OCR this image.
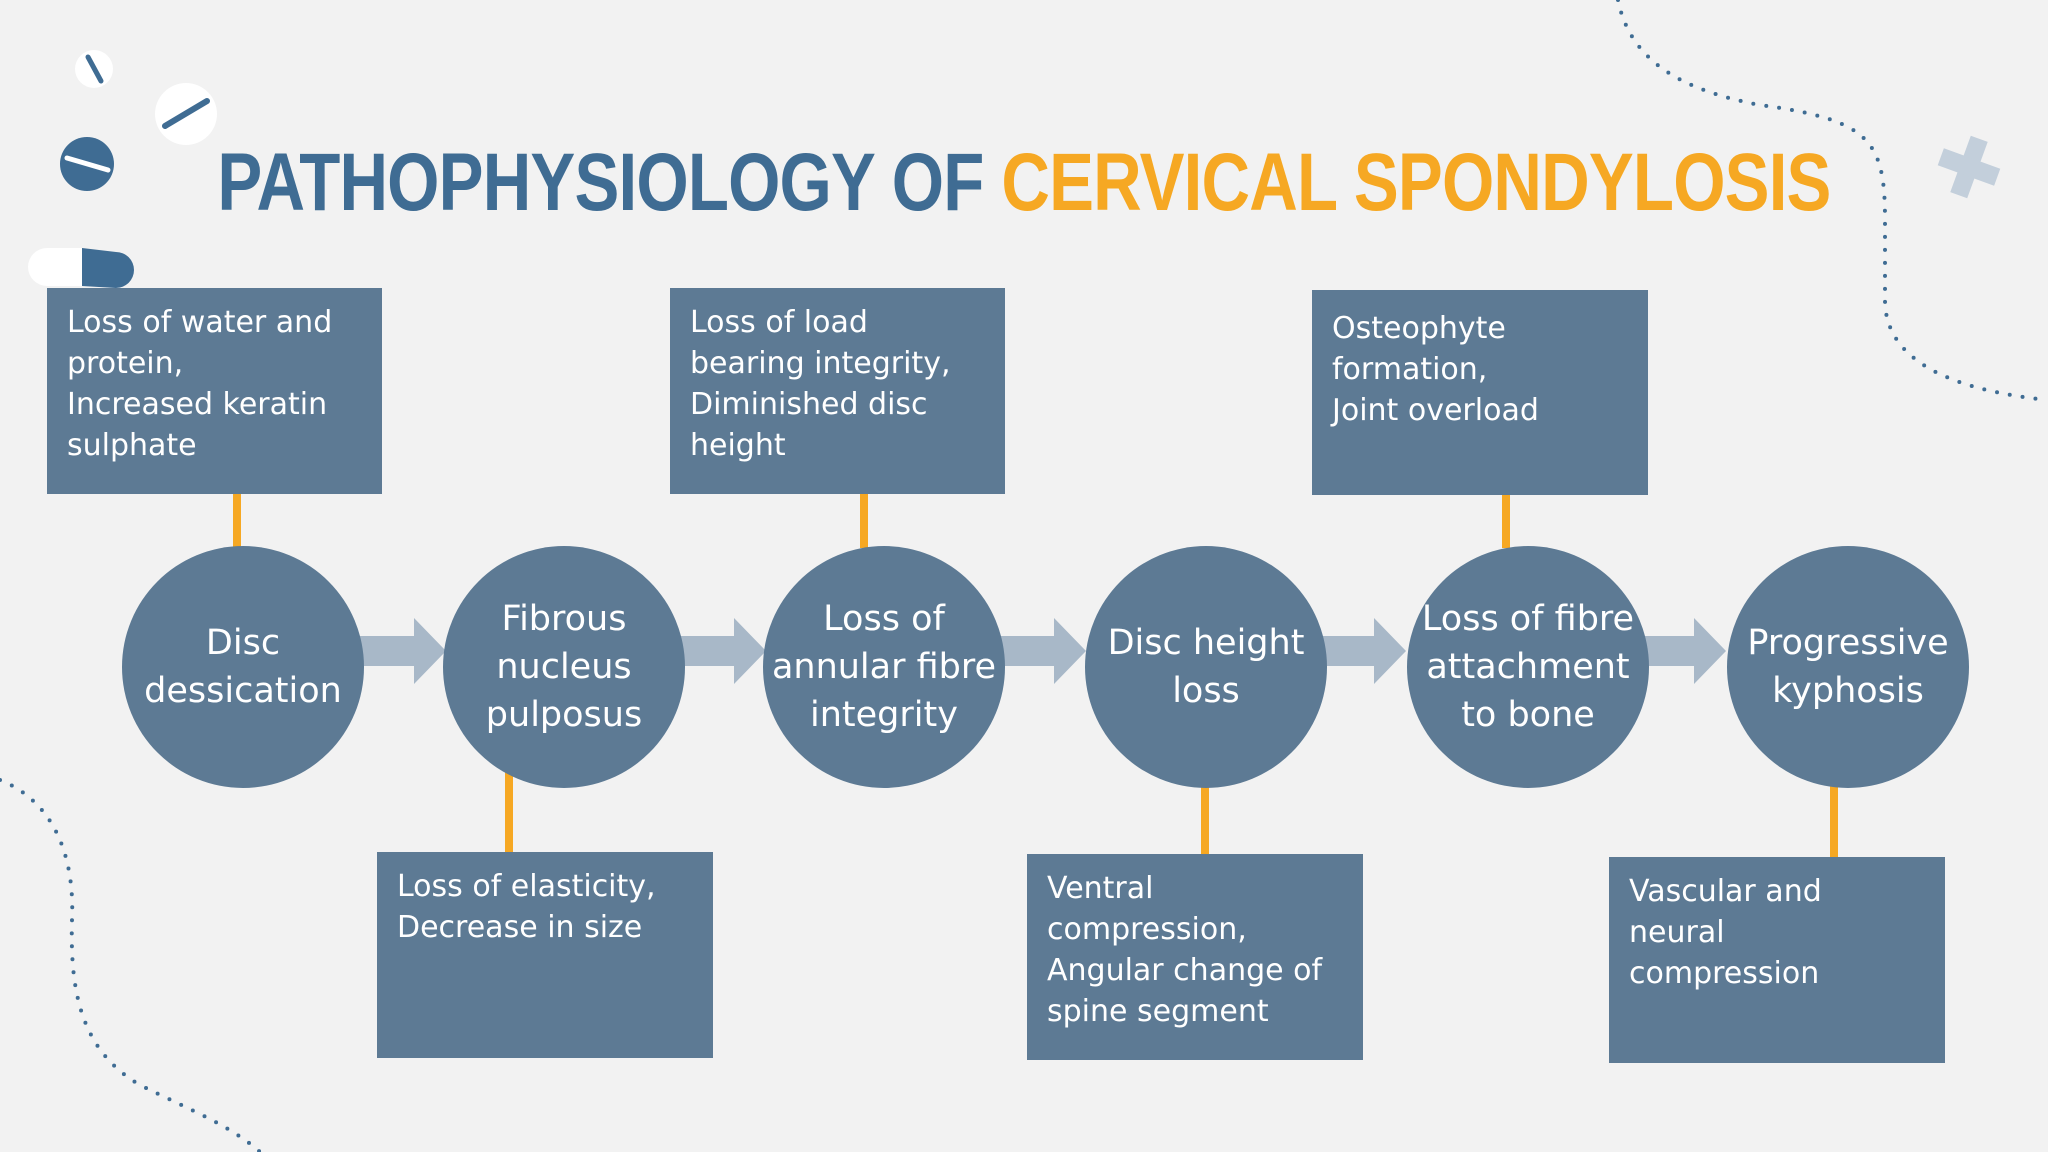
PATHOPHYSIOLOGY OF CERVICAL SPONDYLOSIS
Loss of water and
protein,
Increased keratin
sulphate
Loss of load
bearing integrity,
Diminished disc
height
Osteophyte
formation,
Joint overload
Loss of elasticity,
Decrease in size
Ventral
compression,
Angular change of
spine segment
Vascular and neural
compression
Disc
dessication
Fibrous
nucleus
pulposus
Loss of
annular fibre
integrity
Disc height
loss
Loss of fibre
attachment
to bone
Progressive
kyphosis
